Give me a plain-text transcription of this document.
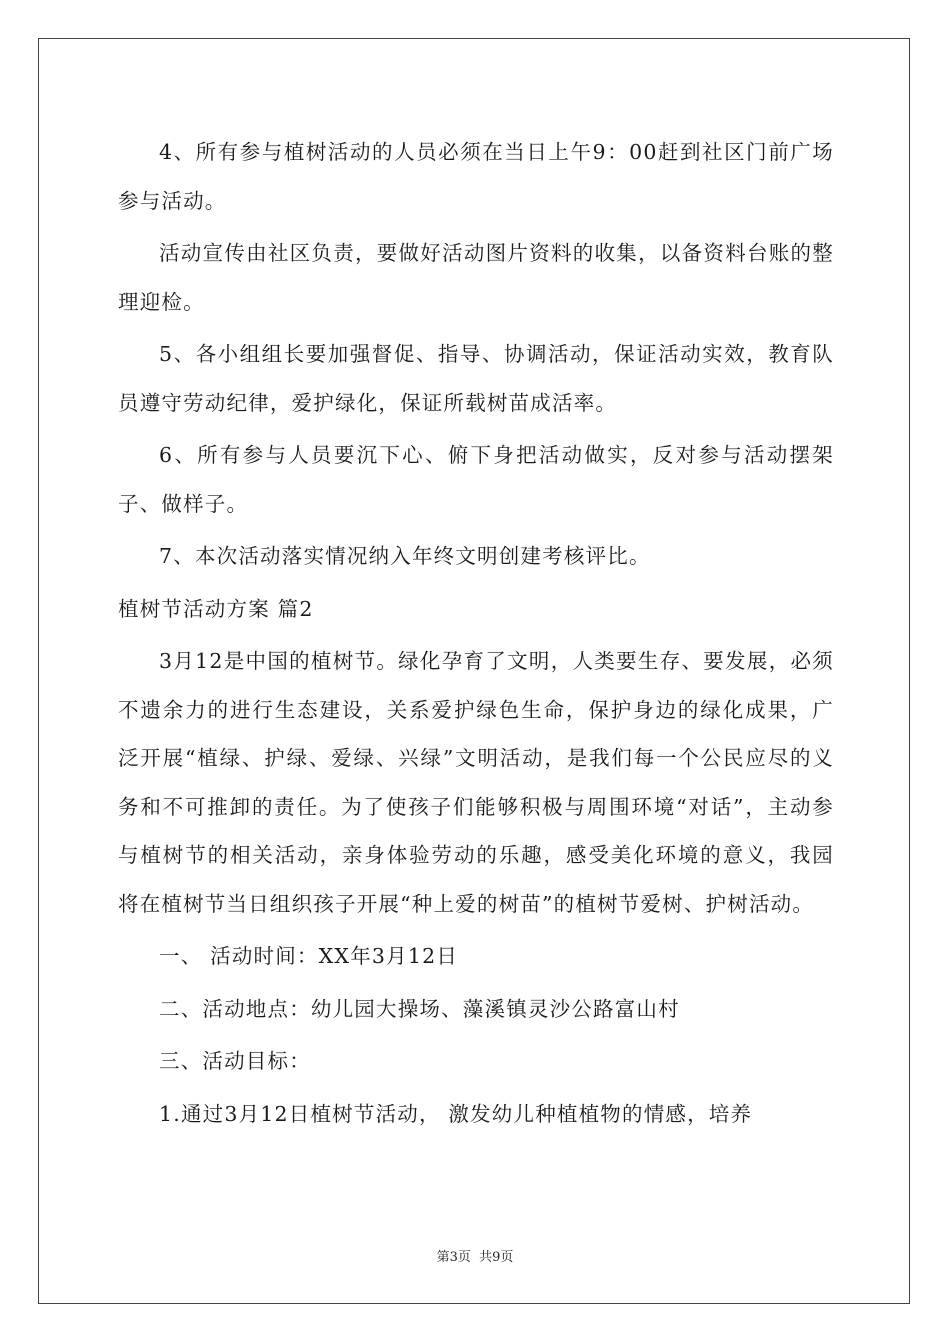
4、所有参与植树活动的人员必须在当日上午9：00赶到社区门前广场参与活动。

活动宣传由社区负责，要做好活动图片资料的收集，以备资料台账的整理迎检。

5、各小组组长要加强督促、指导、协调活动，保证活动实效，教育队员遵守劳动纪律，爱护绿化，保证所载树苗成活率。

6、所有参与人员要沉下心、俯下身把活动做实，反对参与活动摆架子、做样子。

7、本次活动落实情况纳入年终文明创建考核评比。

植树节活动方案 篇2

3月12是中国的植树节。绿化孕育了文明，人类要生存、要发展，必须不遗余力的进行生态建设，关系爱护绿色生命，保护身边的绿化成果，广泛开展“植绿、护绿、爱绿、兴绿”文明活动，是我们每一个公民应尽的义务和不可推卸的责任。为了使孩子们能够积极与周围环境“对话”，主动参与植树节的相关活动，亲身体验劳动的乐趣，感受美化环境的意义，我园将在植树节当日组织孩子开展“种上爱的树苗”的植树节爱树、护树活动。

一、 活动时间：XX年3月12日

二、活动地点：幼儿园大操场、藻溪镇灵沙公路富山村

三、活动目标：

1.通过3月12日植树节活动， 激发幼儿种植植物的情感，培养

第3页 共9页
